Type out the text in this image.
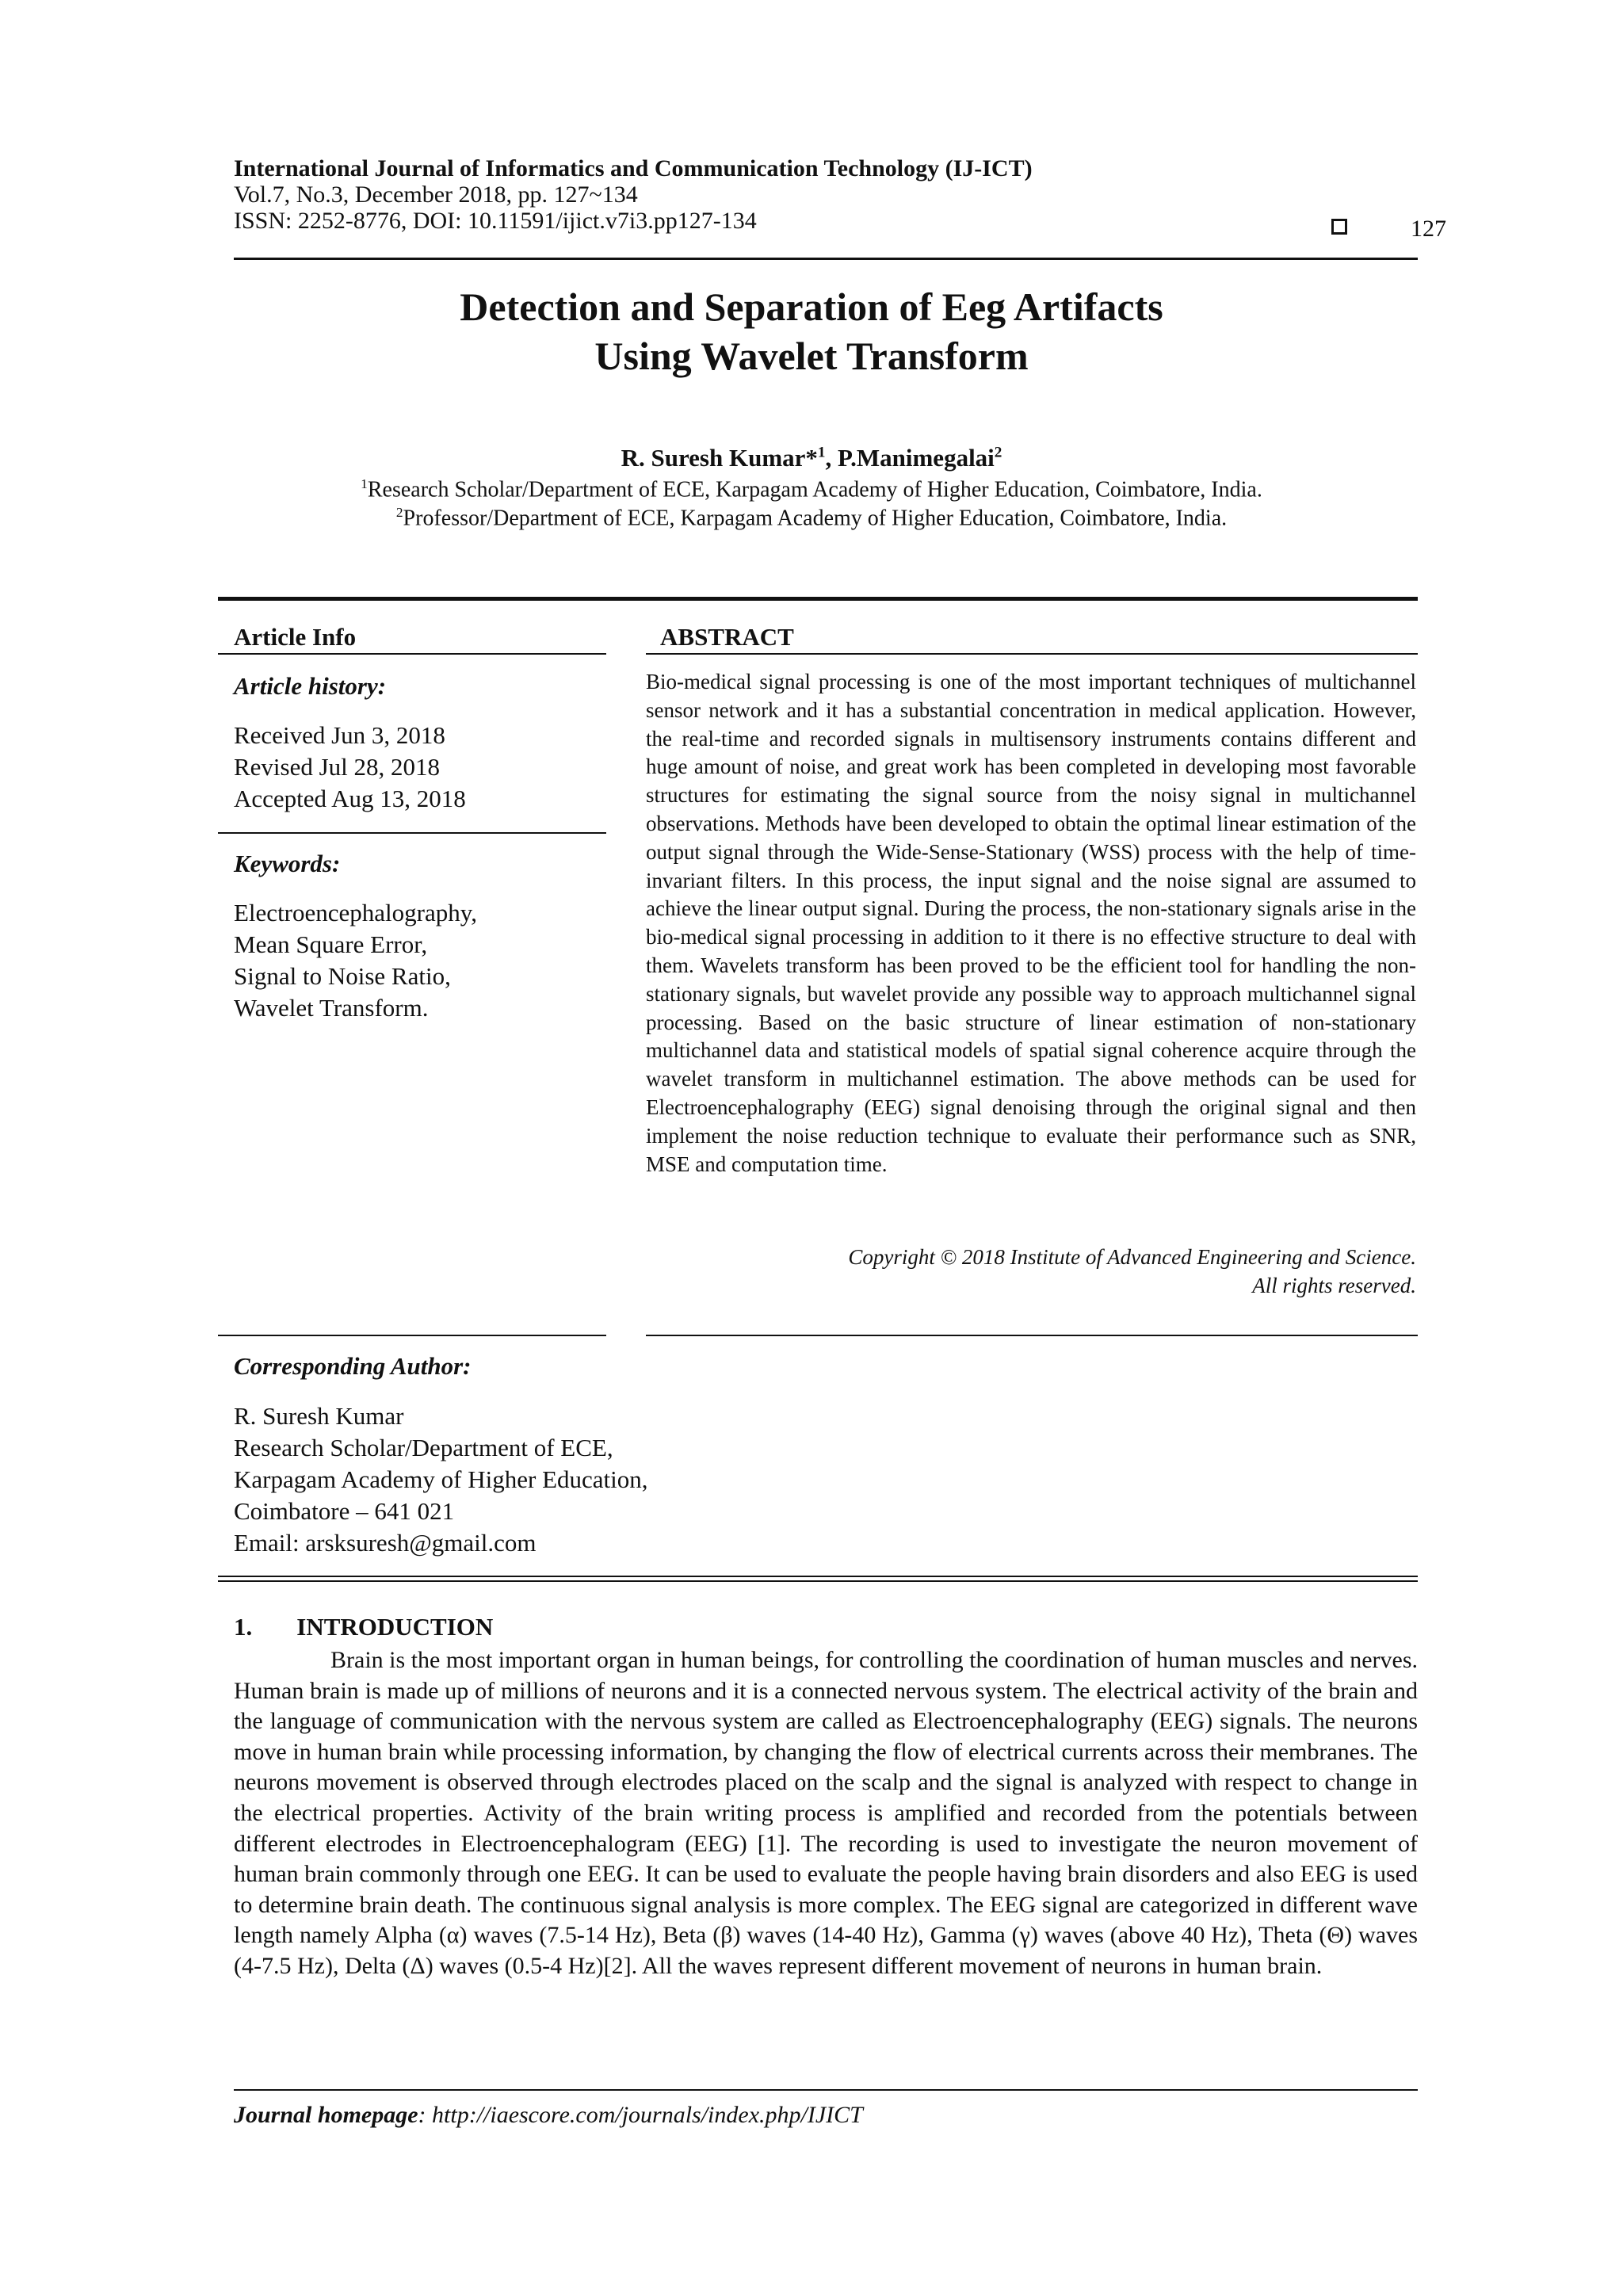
International Journal of Informatics and Communication Technology (IJ-ICT)
Vol.7, No.3, December 2018, pp. 127~134
ISSN: 2252-8776, DOI: 10.11591/ijict.v7i3.pp127-134	127
Detection and Separation of Eeg Artifacts
Using Wavelet Transform
R. Suresh Kumar*$^1$, P.Manimegalai$^2$
$^1$Research Scholar/Department of ECE, Karpagam Academy of Higher Education, Coimbatore, India.
$^2$Professor/Department of ECE, Karpagam Academy of Higher Education, Coimbatore, India.
Article Info
Article history:
Received Jun 3, 2018
Revised Jul 28, 2018
Accepted Aug 13, 2018
Keywords:
Electroencephalography,
Mean Square Error,
Signal to Noise Ratio,
Wavelet Transform.
ABSTRACT
Bio-medical signal processing is one of the most important techniques of multichannel sensor network and it has a substantial concentration in medical application. However, the real-time and recorded signals in multisensory instruments contains different and huge amount of noise, and great work has been completed in developing most favorable structures for estimating the signal source from the noisy signal in multichannel observations. Methods have been developed to obtain the optimal linear estimation of the output signal through the Wide-Sense-Stationary (WSS) process with the help of time-invariant filters. In this process, the input signal and the noise signal are assumed to achieve the linear output signal. During the process, the non-stationary signals arise in the bio-medical signal processing in addition to it there is no effective structure to deal with them. Wavelets transform has been proved to be the efficient tool for handling the non-stationary signals, but wavelet provide any possible way to approach multichannel signal processing. Based on the basic structure of linear estimation of non-stationary multichannel data and statistical models of spatial signal coherence acquire through the wavelet transform in multichannel estimation. The above methods can be used for Electroencephalography (EEG) signal denoising through the original signal and then implement the noise reduction technique to evaluate their performance such as SNR, MSE and computation time.
Copyright © 2018 Institute of Advanced Engineering and Science.
All rights reserved.
Corresponding Author:
R. Suresh Kumar
Research Scholar/Department of ECE,
Karpagam Academy of Higher Education,
Coimbatore – 641 021
Email: arsksuresh@gmail.com
1. INTRODUCTION
Brain is the most important organ in human beings, for controlling the coordination of human muscles and nerves. Human brain is made up of millions of neurons and it is a connected nervous system. The electrical activity of the brain and the language of communication with the nervous system are called as Electroencephalography (EEG) signals. The neurons move in human brain while processing information, by changing the flow of electrical currents across their membranes. The neurons movement is observed through electrodes placed on the scalp and the signal is analyzed with respect to change in the electrical properties. Activity of the brain writing process is amplified and recorded from the potentials between different electrodes in Electroencephalogram (EEG) [1]. The recording is used to investigate the neuron movement of human brain commonly through one EEG. It can be used to evaluate the people having brain disorders and also EEG is used to determine brain death. The continuous signal analysis is more complex. The EEG signal are categorized in different wave length namely Alpha (α) waves (7.5-14 Hz), Beta (β) waves (14-40 Hz), Gamma (γ) waves (above 40 Hz), Theta (Θ) waves (4-7.5 Hz), Delta (Δ) waves (0.5-4 Hz)[2]. All the waves represent different movement of neurons in human brain.
Journal homepage: http://iaescore.com/journals/index.php/IJICT
